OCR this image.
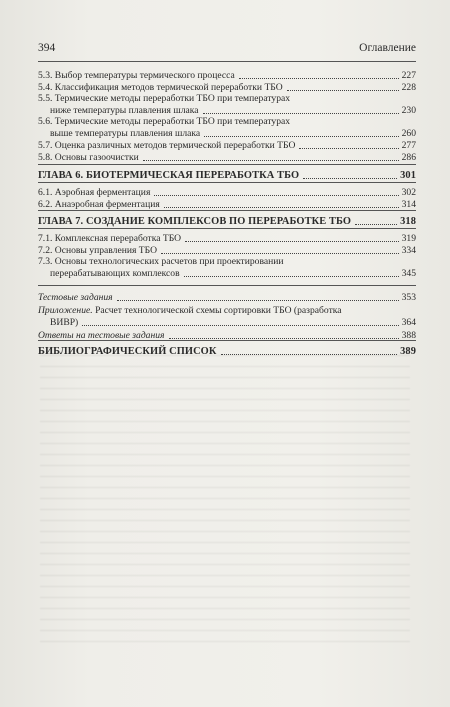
394	Оглавление
5.3. Выбор температуры термического процесса	227
5.4. Классификация методов термической переработки ТБО	228
5.5. Термические методы переработки ТБО при температурах
ниже температуры плавления шлака	230
5.6. Термические методы переработки ТБО при температурах
выше температуры плавления шлака	260
5.7. Оценка различных методов термической переработки ТБО	277
5.8. Основы газоочистки	286
ГЛАВА 6. БИОТЕРМИЧЕСКАЯ ПЕРЕРАБОТКА ТБО	301
6.1. Аэробная ферментация	302
6.2. Анаэробная ферментация	314
ГЛАВА 7. СОЗДАНИЕ КОМПЛЕКСОВ ПО ПЕРЕРАБОТКЕ ТБО	318
7.1. Комплексная переработка ТБО	319
7.2. Основы управления ТБО	334
7.3. Основы технологических расчетов при проектировании
перерабатывающих комплексов	345
Тестовые задания	353
Приложение. Расчет технологической схемы сортировки ТБО (разработка
ВИВР)	364
Ответы на тестовые задания	388
БИБЛИОГРАФИЧЕСКИЙ СПИСОК	389
